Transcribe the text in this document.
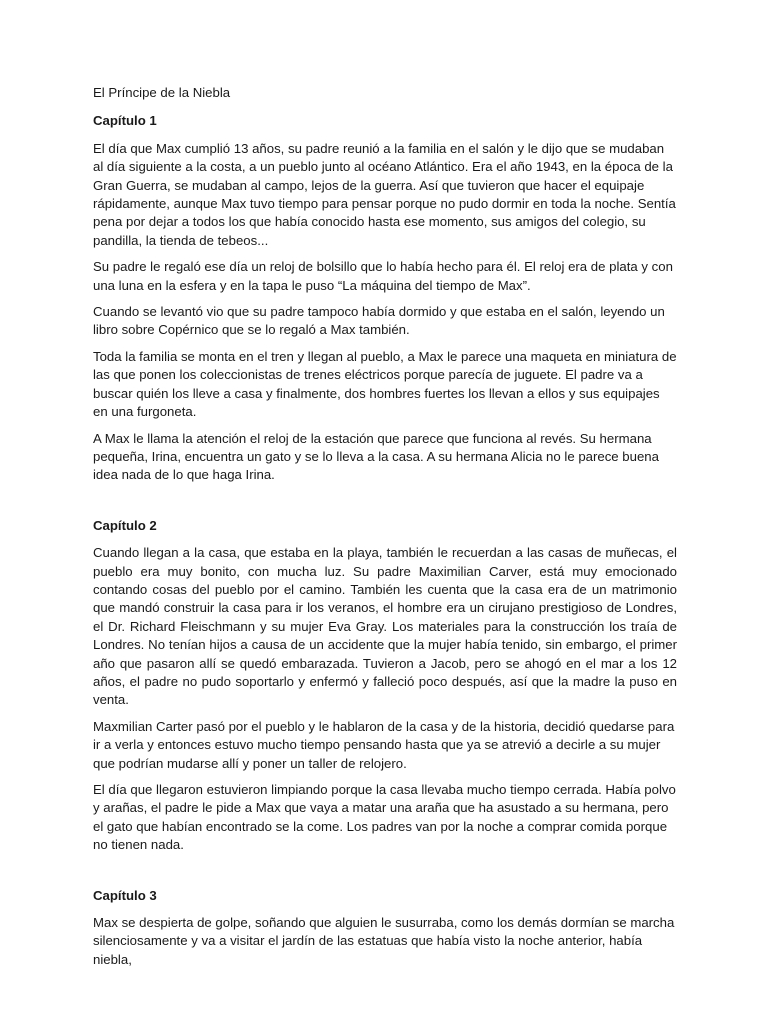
El Príncipe de la Niebla

Capítulo 1

El día que Max cumplió 13 años, su padre reunió a la familia en el salón y le dijo que se mudaban al día siguiente a la costa, a un pueblo junto al océano Atlántico. Era el año 1943, en la época de la Gran Guerra, se mudaban al campo, lejos de la guerra. Así que tuvieron que hacer el equipaje rápidamente, aunque Max tuvo tiempo para pensar porque no pudo dormir en toda la noche. Sentía pena por dejar a todos los que había conocido hasta ese momento, sus amigos del colegio, su pandilla, la tienda de tebeos...

Su padre le regaló ese día un reloj de bolsillo que lo había hecho para él. El reloj era de plata y con una luna en la esfera y en la tapa le puso “La máquina del tiempo de Max”.

Cuando se levantó vio que su padre tampoco había dormido y que estaba en el salón, leyendo un libro sobre Copérnico que se lo regaló a Max también.

Toda la familia se monta en el tren y llegan al pueblo, a Max le parece una maqueta en miniatura de las que ponen los coleccionistas de trenes eléctricos porque parecía de juguete. El padre va a buscar quién los lleve a casa y finalmente, dos hombres fuertes los llevan a ellos y sus equipajes en una furgoneta.

A Max le llama la atención el reloj de la estación que parece que funciona al revés. Su hermana pequeña, Irina, encuentra un gato y se lo lleva a la casa. A su hermana Alicia no le parece buena idea nada de lo que haga Irina.

Capítulo 2

Cuando llegan a la casa, que estaba en la playa, también le recuerdan a las casas de muñecas, el pueblo era muy bonito, con mucha luz. Su padre Maximilian Carver, está muy emocionado contando cosas del pueblo por el camino. También les cuenta que la casa era de un matrimonio que mandó construir la casa para ir los veranos, el hombre era un cirujano prestigioso de Londres, el Dr. Richard Fleischmann y su mujer Eva Gray. Los materiales para la construcción los traía de Londres. No tenían hijos a causa de un accidente que la mujer había tenido, sin embargo, el primer año que pasaron allí se quedó embarazada. Tuvieron a Jacob, pero se ahogó en el mar a los 12 años, el padre no pudo soportarlo y enfermó y falleció poco después, así que la madre la puso en venta.

Maxmilian Carter pasó por el pueblo y le hablaron de la casa y de la historia, decidió quedarse para ir a verla y entonces estuvo mucho tiempo pensando hasta que ya se atrevió a decirle a su mujer que podrían mudarse allí y poner un taller de relojero.

El día que llegaron estuvieron limpiando porque la casa llevaba mucho tiempo cerrada. Había polvo y arañas, el padre le pide a Max que vaya a matar una araña que ha asustado a su hermana, pero el gato que habían encontrado se la come. Los padres van por la noche a comprar comida porque no tienen nada.

Capítulo 3

Max se despierta de golpe, soñando que alguien le susurraba, como los demás dormían se marcha silenciosamente y va a visitar el jardín de las estatuas que había visto la noche anterior, había niebla,
